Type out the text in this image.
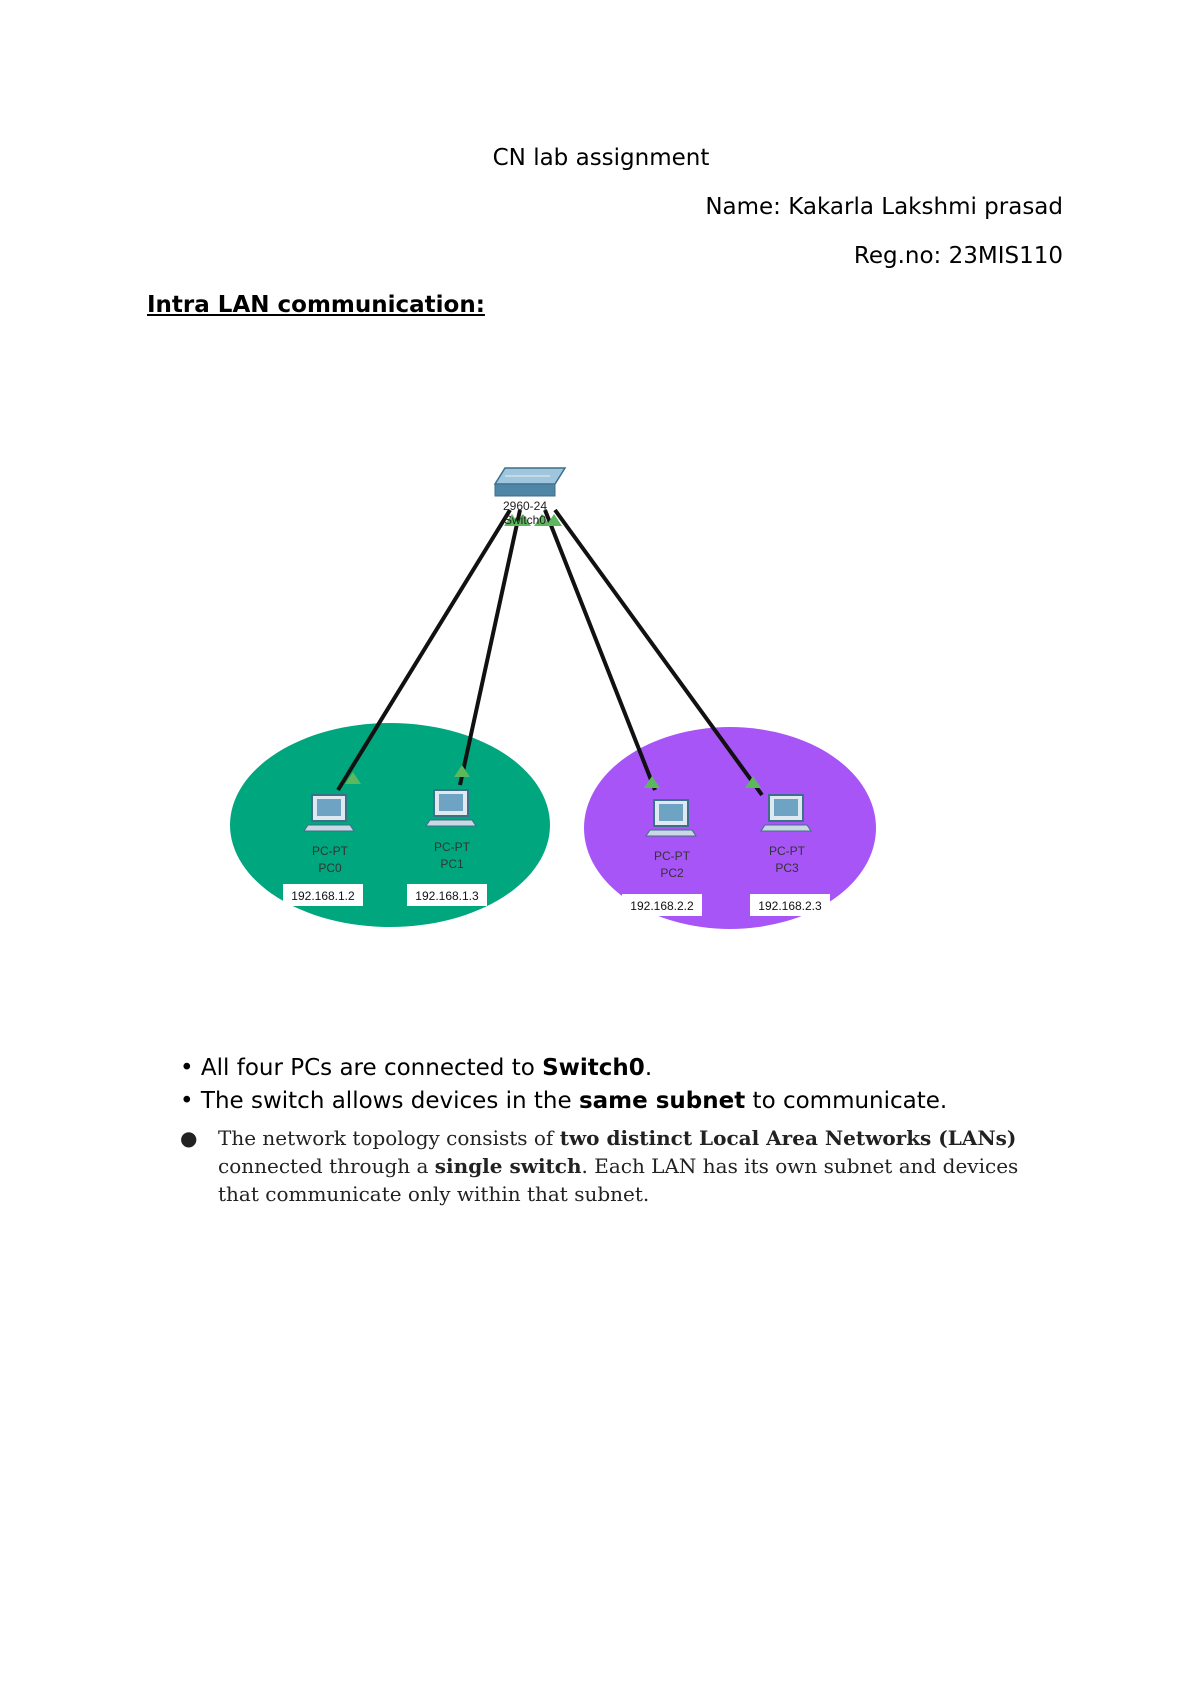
CN lab assignment
Name: Kakarla Lakshmi prasad
Reg.no: 23MIS110
Intra LAN communication:
2960-24
Switch0
PC-PT
PC0
192.168.1.2
PC-PT
PC1
192.168.1.3
PC-PT
PC2
192.168.2.2
PC-PT
PC3
192.168.2.3
• All four PCs are connected to Switch0.
• The switch allows devices in the same subnet to communicate.
● The network topology consists of two distinct Local Area Networks (LANs) connected through a single switch. Each LAN has its own subnet and devices that communicate only within that subnet.
